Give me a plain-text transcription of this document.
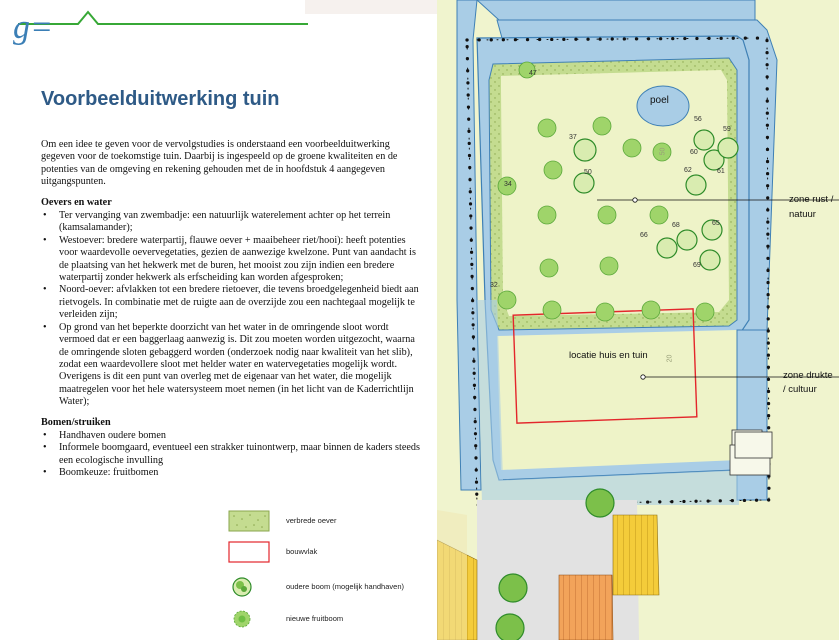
g=
Voorbeelduitwerking tuin

Om een idee te geven voor de vervolgstudies is onderstaand een voorbeelduitwerking gegeven voor de toekomstige tuin. Daarbij is ingespeeld op de groene kwaliteiten en de potenties van de omgeving en rekening gehouden met de in hoofdstuk 4 aangegeven uitgangspunten.

Oevers en water
• Ter vervanging van zwembadje: een natuurlijk waterelement achter op het terrein (kamsalamander);
• Westoever: bredere waterpartij, flauwe oever + maaibeheer riet/hooi): heeft potenties voor waardevolle oevervegetaties, gezien de aanwezige kwelzone. Punt van aandacht is de plaatsing van het hekwerk met de buren, het mooist zou zijn indien een bredere waterpartij zonder hekwerk als erfscheiding kan worden afgesproken;
• Noord-oever: afvlakken tot een bredere rietoever, die tevens broedgelegenheid biedt aan rietvogels. In combinatie met de ruigte aan de overzijde zou een nachtegaal mogelijk te verleiden zijn;
• Op grond van het beperkte doorzicht van het water in de omringende sloot wordt vermoed dat er een baggerlaag aanwezig is. Dit zou moeten worden uitgezocht, waarna de omringende sloten gebaggerd worden (onderzoek nodig naar kwaliteit van het slib), zodat een waardevollere sloot met helder water en watervegetaties mogelijk wordt. Overigens is dit een punt van overleg met de eigenaar van het water, die mogelijk maatregelen voor het hele watersysteem moet nemen (in het licht van de Kaderrichtlijn Water);
Bomen/struiken
• Handhaven oudere bomen
• Informele boomgaard, eventueel een strakker tuinontwerp, maar binnen de kaders steeds een ecologische invulling
• Boomkeuze: fruitbomen
verbrede oever
bouwvlak
oudere boom (mogelijk handhaven)
nieuwe fruitboom
poel
zone rust /
natuur
locatie huis en tuin
zone drukte
/ cultuur
47
37
50
34
56
59
60
61
62
68	65
66
69
32
50
20
